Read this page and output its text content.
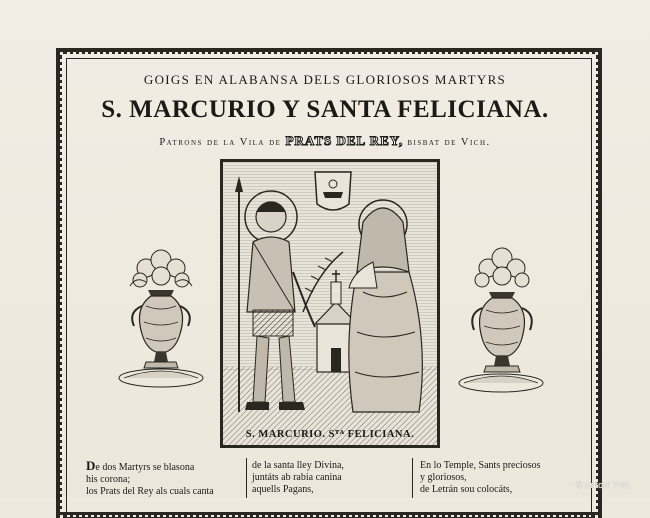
GOIGS EN ALABANSA DELS GLORIOSOS MARTYRS
S. MARCURIO Y SANTA FELICIANA.
Patrons de la Vila de PRATS DEL REY, bisbat de Vich.
S. MARCURIO. Sᵀᴬ FELICIANA.
De dos Martyrs se blasona
his corona;
los Prats del Rey als cuals canta
de la santa lley Divina,
juntáts ab rabia canina
aquells Pagans,
En lo Temple, Sants preciosos
y gloriosos,
de Letrán sou colocáts,	© Antoni Prat
